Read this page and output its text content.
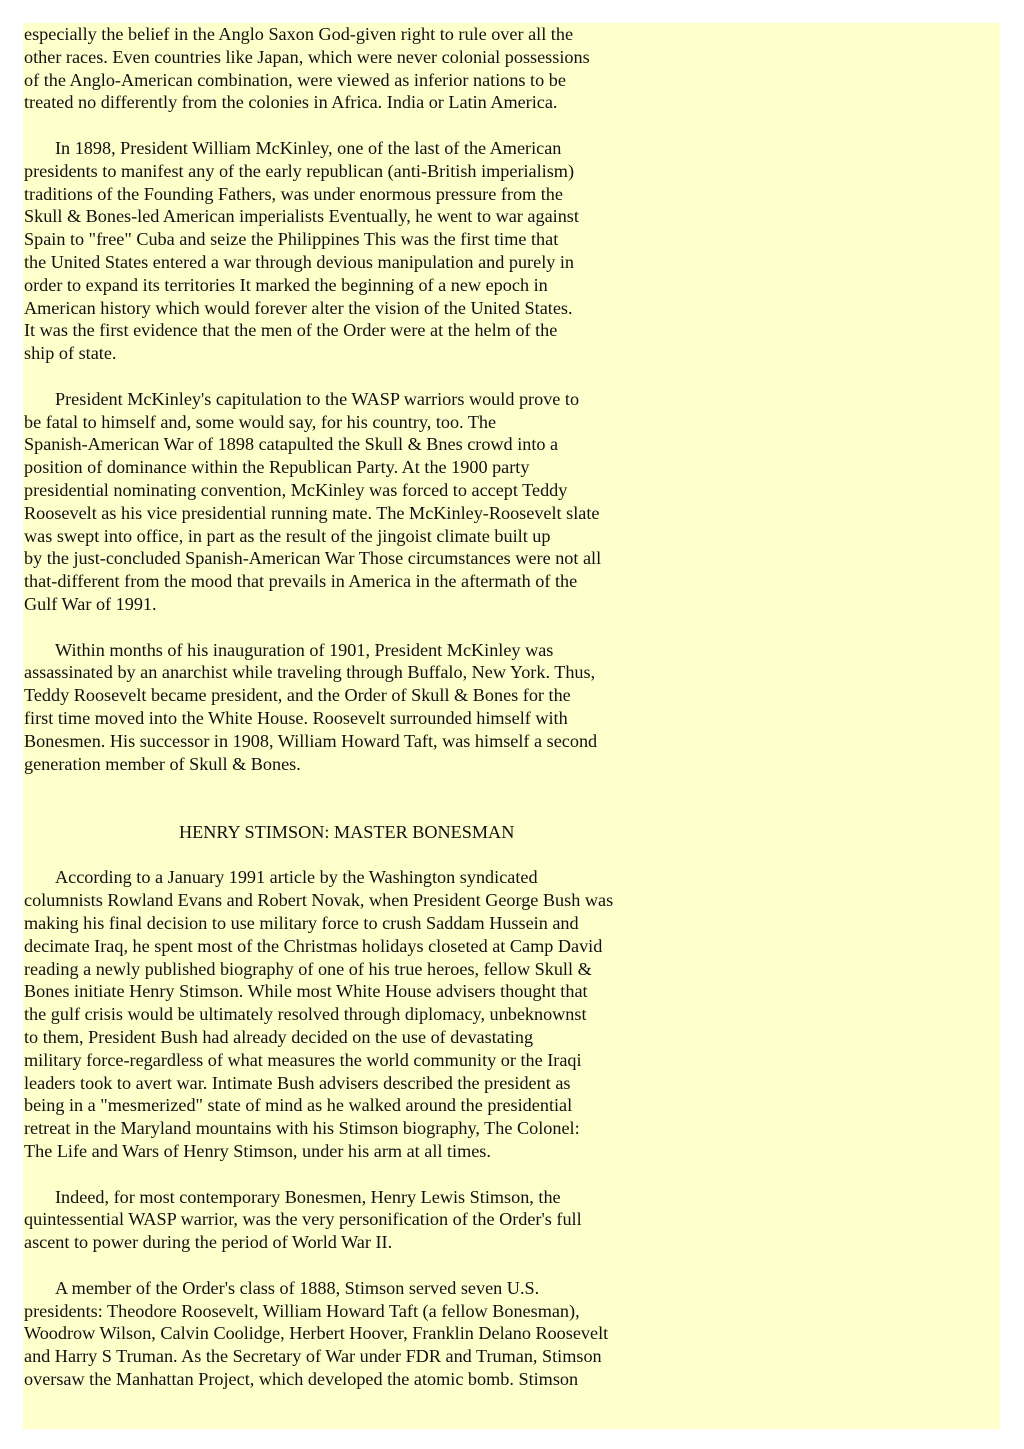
especially the belief in the Anglo Saxon God-given right to rule over all the
other races. Even countries like Japan, which were never colonial possessions
of the Anglo-American combination, were viewed as inferior nations to be
treated no differently from the colonies in Africa. India or Latin America.
In 1898, President William McKinley, one of the last of the American
presidents to manifest any of the early republican (anti-British imperialism)
traditions of the Founding Fathers, was under enormous pressure from the
Skull & Bones-led American imperialists Eventually, he went to war against
Spain to "free" Cuba and seize the Philippines This was the first time that
the United States entered a war through devious manipulation and purely in
order to expand its territories It marked the beginning of a new epoch in
American history which would forever alter the vision of the United States.
It was the first evidence that the men of the Order were at the helm of the
ship of state.
President McKinley's capitulation to the WASP warriors would prove to
be fatal to himself and, some would say, for his country, too. The
Spanish-American War of 1898 catapulted the Skull & Bnes crowd into a
position of dominance within the Republican Party. At the 1900 party
presidential nominating convention, McKinley was forced to accept Teddy
Roosevelt as his vice presidential running mate. The McKinley-Roosevelt slate
was swept into office, in part as the result of the jingoist climate built up
by the just-concluded Spanish-American War Those circumstances were not all
that-different from the mood that prevails in America in the aftermath of the
Gulf War of 1991.
Within months of his inauguration of 1901, President McKinley was
assassinated by an anarchist while traveling through Buffalo, New York. Thus,
Teddy Roosevelt became president, and the Order of Skull & Bones for the
first time moved into the White House. Roosevelt surrounded himself with
Bonesmen. His successor in 1908, William Howard Taft, was himself a second
generation member of Skull & Bones.
HENRY STIMSON: MASTER BONESMAN
According to a January 1991 article by the Washington syndicated
columnists Rowland Evans and Robert Novak, when President George Bush was
making his final decision to use military force to crush Saddam Hussein and
decimate Iraq, he spent most of the Christmas holidays closeted at Camp David
reading a newly published biography of one of his true heroes, fellow Skull &
Bones initiate Henry Stimson. While most White House advisers thought that
the gulf crisis would be ultimately resolved through diplomacy, unbeknownst
to them, President Bush had already decided on the use of devastating
military force-regardless of what measures the world community or the Iraqi
leaders took to avert war. Intimate Bush advisers described the president as
being in a "mesmerized" state of mind as he walked around the presidential
retreat in the Maryland mountains with his Stimson biography, The Colonel:
The Life and Wars of Henry Stimson, under his arm at all times.
Indeed, for most contemporary Bonesmen, Henry Lewis Stimson, the
quintessential WASP warrior, was the very personification of the Order's full
ascent to power during the period of World War II.
A member of the Order's class of 1888, Stimson served seven U.S.
presidents: Theodore Roosevelt, William Howard Taft (a fellow Bonesman),
Woodrow Wilson, Calvin Coolidge, Herbert Hoover, Franklin Delano Roosevelt
and Harry S Truman. As the Secretary of War under FDR and Truman, Stimson
oversaw the Manhattan Project, which developed the atomic bomb. Stimson
